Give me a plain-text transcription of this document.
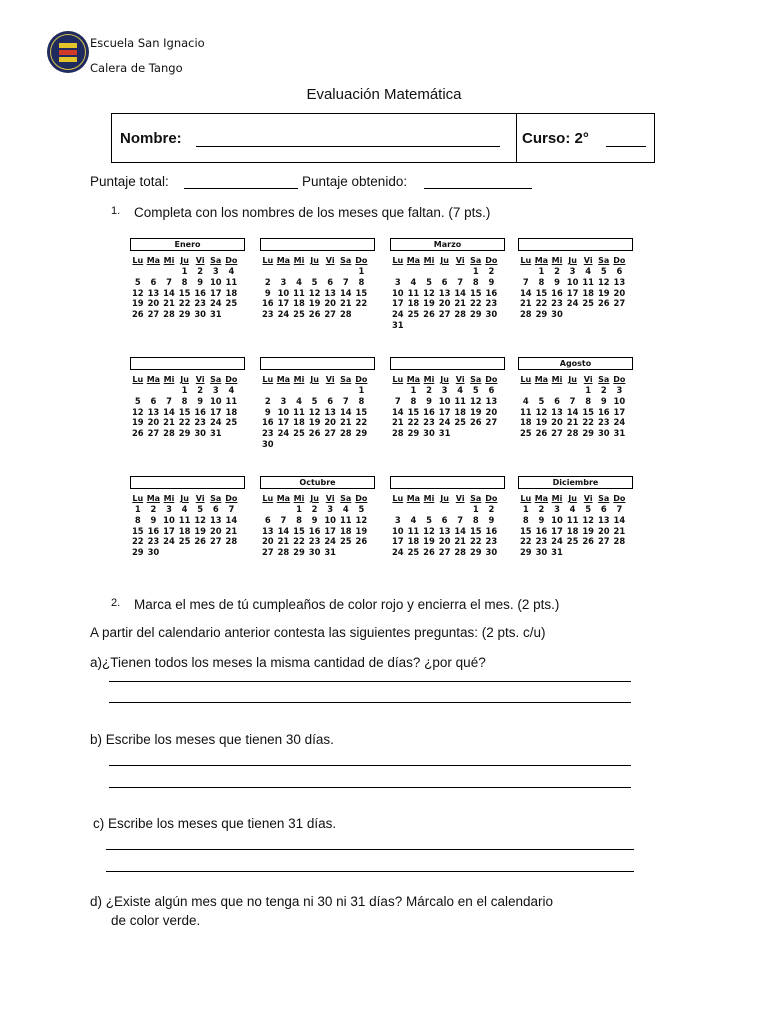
Escuela San Ignacio
Calera de Tango
Evaluación Matemática
Nombre:	Curso: 2°
Puntaje total:	Puntaje obtenido:
1. Completa con los nombres de los meses que faltan. (7 pts.)
Enero
Lu	Ma	Mi	Ju	Vi	Sa	Do
			1	2	3	4
5	6	7	8	9	10	11
12	13	14	15	16	17	18
19	20	21	22	23	24	25
26	27	28	29	30	31	
Lu	Ma	Mi	Ju	Vi	Sa	Do
						1
2	3	4	5	6	7	8
9	10	11	12	13	14	15
16	17	18	19	20	21	22
23	24	25	26	27	28	
Marzo
Lu	Ma	Mi	Ju	Vi	Sa	Do
					1	2
3	4	5	6	7	8	9
10	11	12	13	14	15	16
17	18	19	20	21	22	23
24	25	26	27	28	29	30
31						
Lu	Ma	Mi	Ju	Vi	Sa	Do
	1	2	3	4	5	6
7	8	9	10	11	12	13
14	15	16	17	18	19	20
21	22	23	24	25	26	27
28	29	30				
Lu	Ma	Mi	Ju	Vi	Sa	Do
			1	2	3	4
5	6	7	8	9	10	11
12	13	14	15	16	17	18
19	20	21	22	23	24	25
26	27	28	29	30	31	
Lu	Ma	Mi	Ju	Vi	Sa	Do
						1
2	3	4	5	6	7	8
9	10	11	12	13	14	15
16	17	18	19	20	21	22
23	24	25	26	27	28	29
30						
Lu	Ma	Mi	Ju	Vi	Sa	Do
	1	2	3	4	5	6
7	8	9	10	11	12	13
14	15	16	17	18	19	20
21	22	23	24	25	26	27
28	29	30	31			
Agosto
Lu	Ma	Mi	Ju	Vi	Sa	Do
				1	2	3
4	5	6	7	8	9	10
11	12	13	14	15	16	17
18	19	20	21	22	23	24
25	26	27	28	29	30	31
Lu	Ma	Mi	Ju	Vi	Sa	Do
1	2	3	4	5	6	7
8	9	10	11	12	13	14
15	16	17	18	19	20	21
22	23	24	25	26	27	28
29	30					
Octubre
Lu	Ma	Mi	Ju	Vi	Sa	Do
		1	2	3	4	5
6	7	8	9	10	11	12
13	14	15	16	17	18	19
20	21	22	23	24	25	26
27	28	29	30	31		
Lu	Ma	Mi	Ju	Vi	Sa	Do
					1	2
3	4	5	6	7	8	9
10	11	12	13	14	15	16
17	18	19	20	21	22	23
24	25	26	27	28	29	30
Diciembre
Lu	Ma	Mi	Ju	Vi	Sa	Do
1	2	3	4	5	6	7
8	9	10	11	12	13	14
15	16	17	18	19	20	21
22	23	24	25	26	27	28
29	30	31				
2. Marca el mes de tú cumpleaños de color rojo y encierra el mes. (2 pts.)
A partir del calendario anterior contesta las siguientes preguntas: (2 pts. c/u)
a)¿Tienen todos los meses la misma cantidad de días? ¿por qué?
b) Escribe los meses que tienen 30 días.
c) Escribe los meses que tienen 31 días.
d) ¿Existe algún mes que no tenga ni 30 ni 31 días? Márcalo en el calendario
de color verde.
